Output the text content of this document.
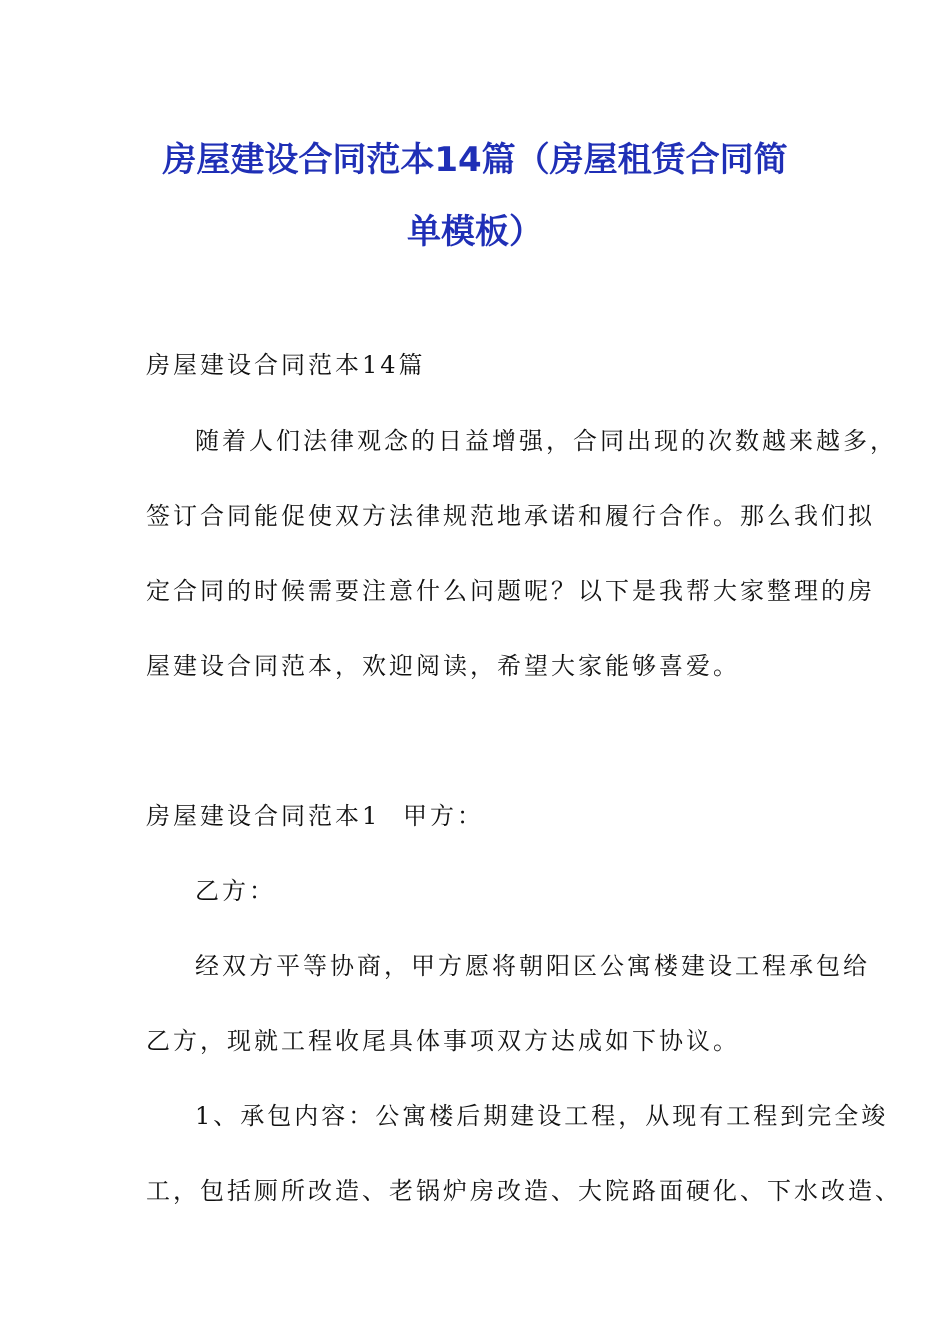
房屋建设合同范本14篇（房屋租赁合同简
单模板）
房屋建设合同范本14篇
随着人们法律观念的日益增强，合同出现的次数越来越多，
签订合同能促使双方法律规范地承诺和履行合作。那么我们拟
定合同的时候需要注意什么问题呢？以下是我帮大家整理的房
屋建设合同范本，欢迎阅读，希望大家能够喜爱。
房屋建设合同范本1 甲方：
乙方：
经双方平等协商，甲方愿将朝阳区公寓楼建设工程承包给
乙方，现就工程收尾具体事项双方达成如下协议。
1、承包内容：公寓楼后期建设工程，从现有工程到完全竣
工，包括厕所改造、老锅炉房改造、大院路面硬化、下水改造、
